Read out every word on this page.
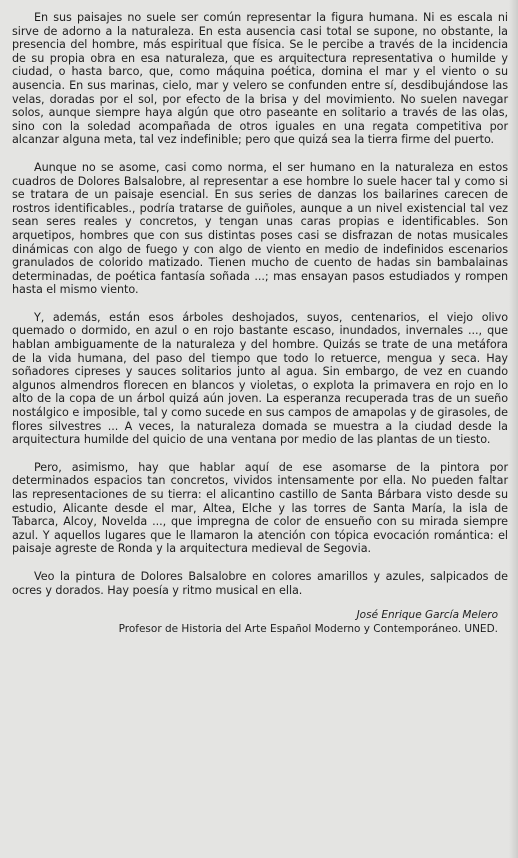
En sus paisajes no suele ser común representar la figura humana. Ni es escala ni sirve de adorno a la naturaleza. En esta ausencia casi total se supone, no obstante, la presencia del hombre, más espiritual que física. Se le percibe a través de la incidencia de su propia obra en esa naturaleza, que es arquitectura representativa o humilde y ciudad, o hasta barco, que, como máquina poética, domina el mar y el viento o su ausencia. En sus marinas, cielo, mar y velero se confunden entre sí, desdibujándose las velas, doradas por el sol, por efecto de la brisa y del movimiento. No suelen navegar solos, aunque siempre haya algún que otro paseante en solitario a través de las olas, sino con la soledad acompañada de otros iguales en una regata competitiva por alcanzar alguna meta, tal vez indefinible; pero que quizá sea la tierra firme del puerto.

Aunque no se asome, casi como norma, el ser humano en la naturaleza en estos cuadros de Dolores Balsalobre, al representar a ese hombre lo suele hacer tal y como si se tratara de un paisaje esencial. En sus series de danzas los bailarines carecen de rostros identificables., podría tratarse de guiñoles, aunque a un nivel existencial tal vez sean seres reales y concretos, y tengan unas caras propias e identificables. Son arquetipos, hombres que con sus distintas poses casi se disfrazan de notas musicales dinámicas con algo de fuego y con algo de viento en medio de indefinidos escenarios granulados de colorido matizado. Tienen mucho de cuento de hadas sin bambalainas determinadas, de poética fantasía soñada ...; mas ensayan pasos estudiados y rompen hasta el mismo viento.

Y, además, están esos árboles deshojados, suyos, centenarios, el viejo olivo quemado o dormido, en azul o en rojo bastante escaso, inundados, invernales ..., que hablan ambiguamente de la naturaleza y del hombre. Quizás se trate de una metáfora de la vida humana, del paso del tiempo que todo lo retuerce, mengua y seca. Hay soñadores cipreses y sauces solitarios junto al agua. Sin embargo, de vez en cuando algunos almendros florecen en blancos y violetas, o explota la primavera en rojo en lo alto de la copa de un árbol quizá aún joven. La esperanza recuperada tras de un sueño nostálgico e imposible, tal y como sucede en sus campos de amapolas y de girasoles, de flores silvestres ... A veces, la naturaleza domada se muestra a la ciudad desde la arquitectura humilde del quicio de una ventana por medio de las plantas de un tiesto.

Pero, asimismo, hay que hablar aquí de ese asomarse de la pintora por determinados espacios tan concretos, vividos intensamente por ella. No pueden faltar las representaciones de su tierra: el alicantino castillo de Santa Bárbara visto desde su estudio, Alicante desde el mar, Altea, Elche y las torres de Santa María, la isla de Tabarca, Alcoy, Novelda ..., que impregna de color de ensueño con su mirada siempre azul. Y aquellos lugares que le llamaron la atención con tópica evocación romántica: el paisaje agreste de Ronda y la arquitectura medieval de Segovia.

Veo la pintura de Dolores Balsalobre en colores amarillos y azules, salpicados de ocres y dorados. Hay poesía y ritmo musical en ella.

José Enrique García Melero
Profesor de Historia del Arte Español Moderno y Contemporáneo. UNED.
